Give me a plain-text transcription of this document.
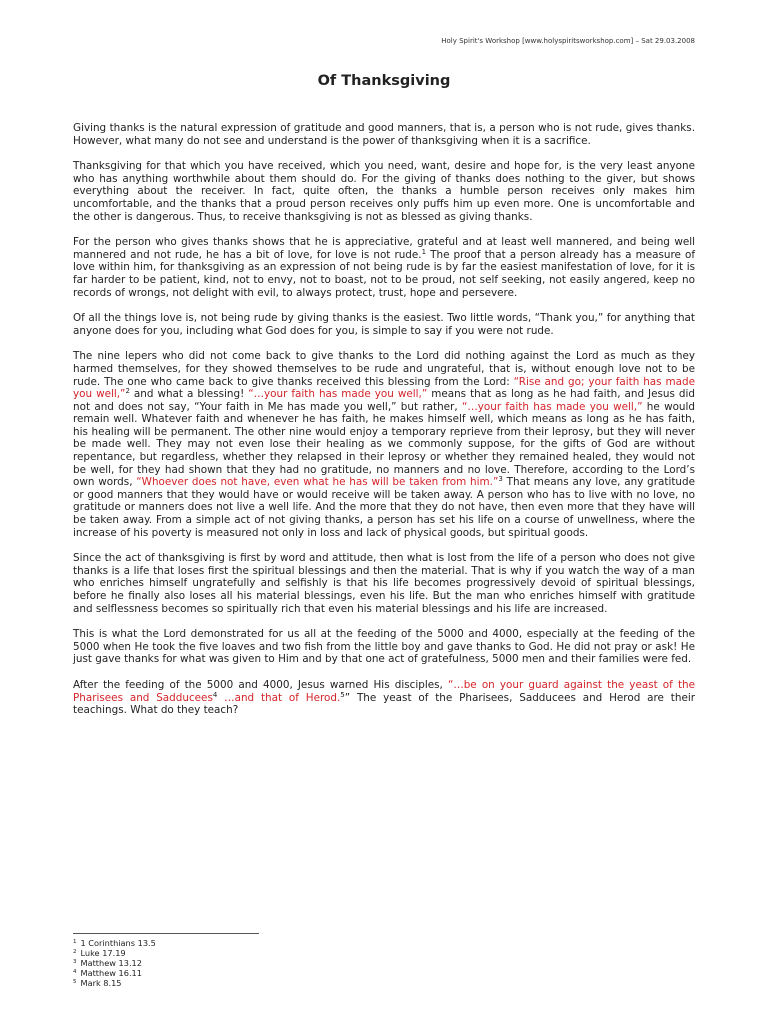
Holy Spirit's Workshop [www.holyspiritsworkshop.com] – Sat 29.03.2008
Of Thanksgiving

Giving thanks is the natural expression of gratitude and good manners, that is, a person who is not rude, gives thanks. However, what many do not see and understand is the power of thanksgiving when it is a sacrifice.

Thanksgiving for that which you have received, which you need, want, desire and hope for, is the very least anyone who has anything worthwhile about them should do. For the giving of thanks does nothing to the giver, but shows everything about the receiver. In fact, quite often, the thanks a humble person receives only makes him uncomfortable, and the thanks that a proud person receives only puffs him up even more. One is uncomfortable and the other is dangerous. Thus, to receive thanksgiving is not as blessed as giving thanks.

For the person who gives thanks shows that he is appreciative, grateful and at least well mannered, and being well mannered and not rude, he has a bit of love, for love is not rude.$^1$ The proof that a person already has a measure of love within him, for thanksgiving as an expression of not being rude is by far the easiest manifestation of love, for it is far harder to be patient, kind, not to envy, not to boast, not to be proud, not self seeking, not easily angered, keep no records of wrongs, not delight with evil, to always protect, trust, hope and persevere.

Of all the things love is, not being rude by giving thanks is the easiest. Two little words, “Thank you,” for anything that anyone does for you, including what God does for you, is simple to say if you were not rude.

The nine lepers who did not come back to give thanks to the Lord did nothing against the Lord as much as they harmed themselves, for they showed themselves to be rude and ungrateful, that is, without enough love not to be rude. The one who came back to give thanks received this blessing from the Lord: “Rise and go; your faith has made you well,”$^2$ and what a blessing! “…your faith has made you well,” means that as long as he had faith, and Jesus did not and does not say, “Your faith in Me has made you well,” but rather, “…your faith has made you well,” he would remain well. Whatever faith and whenever he has faith, he makes himself well, which means as long as he has faith, his healing will be permanent. The other nine would enjoy a temporary reprieve from their leprosy, but they will never be made well. They may not even lose their healing as we commonly suppose, for the gifts of God are without repentance, but regardless, whether they relapsed in their leprosy or whether they remained healed, they would not be well, for they had shown that they had no gratitude, no manners and no love. Therefore, according to the Lord’s own words, “Whoever does not have, even what he has will be taken from him.”$^3$ That means any love, any gratitude or good manners that they would have or would receive will be taken away. A person who has to live with no love, no gratitude or manners does not live a well life. And the more that they do not have, then even more that they have will be taken away. From a simple act of not giving thanks, a person has set his life on a course of unwellness, where the increase of his poverty is measured not only in loss and lack of physical goods, but spiritual goods.

Since the act of thanksgiving is first by word and attitude, then what is lost from the life of a person who does not give thanks is a life that loses first the spiritual blessings and then the material. That is why if you watch the way of a man who enriches himself ungratefully and selfishly is that his life becomes progressively devoid of spiritual blessings, before he finally also loses all his material blessings, even his life. But the man who enriches himself with gratitude and selflessness becomes so spiritually rich that even his material blessings and his life are increased.

This is what the Lord demonstrated for us all at the feeding of the 5000 and 4000, especially at the feeding of the 5000 when He took the five loaves and two fish from the little boy and gave thanks to God. He did not pray or ask! He just gave thanks for what was given to Him and by that one act of gratefulness, 5000 men and their families were fed.

After the feeding of the 5000 and 4000, Jesus warned His disciples, “…be on your guard against the yeast of the Pharisees and Sadducees$^4$ …and that of Herod.$^5$” The yeast of the Pharisees, Sadducees and Herod are their teachings. What do they teach?

$^1$ 1 Corinthians 13.5
$^2$ Luke 17.19
$^3$ Matthew 13.12
$^4$ Matthew 16.11
$^5$ Mark 8.15
